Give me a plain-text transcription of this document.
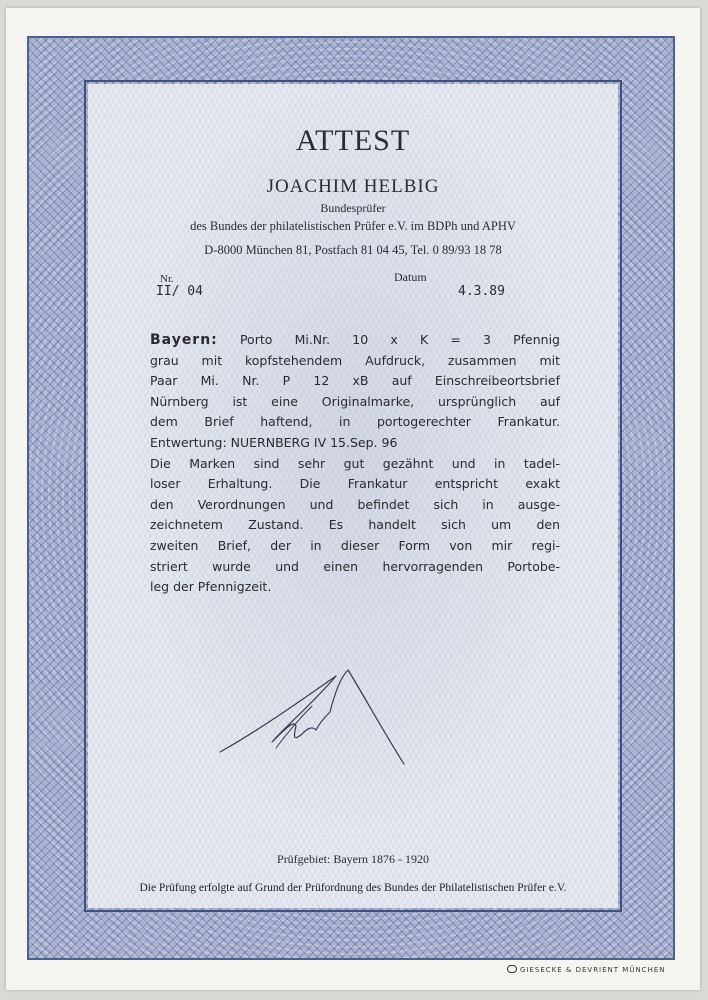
ATTEST
JOACHIM HELBIG
Bundesprüfer
des Bundes der philatelistischen Prüfer e.V. im BDPh und APHV
D-8000 München 81, Postfach 81 04 45, Tel. 0 89/93 18 78
Nr.
II/ 04
Datum
4.3.89
Bayern: Porto Mi.Nr. 10 x K = 3 Pfennig
grau mit kopfstehendem Aufdruck, zusammen mit
Paar Mi. Nr. P 12 xB auf Einschreibeortsbrief
Nürnberg ist eine Originalmarke, ursprünglich auf
dem Brief haftend, in portogerechter Frankatur.
Entwertung: NUERNBERG IV 15.Sep. 96
Die Marken sind sehr gut gezähnt und in tadel-
loser Erhaltung. Die Frankatur entspricht exakt
den Verordnungen und befindet sich in ausge-
zeichnetem Zustand. Es handelt sich um den
zweiten Brief, der in dieser Form von mir regi-
striert wurde und einen hervorragenden Portobe-
leg der Pfennigzeit.
Prüfgebiet: Bayern 1876 - 1920
Die Prüfung erfolgte auf Grund der Prüfordnung des Bundes der Philatelistischen Prüfer e.V.
GIESECKE & DEVRIENT MÜNCHEN
